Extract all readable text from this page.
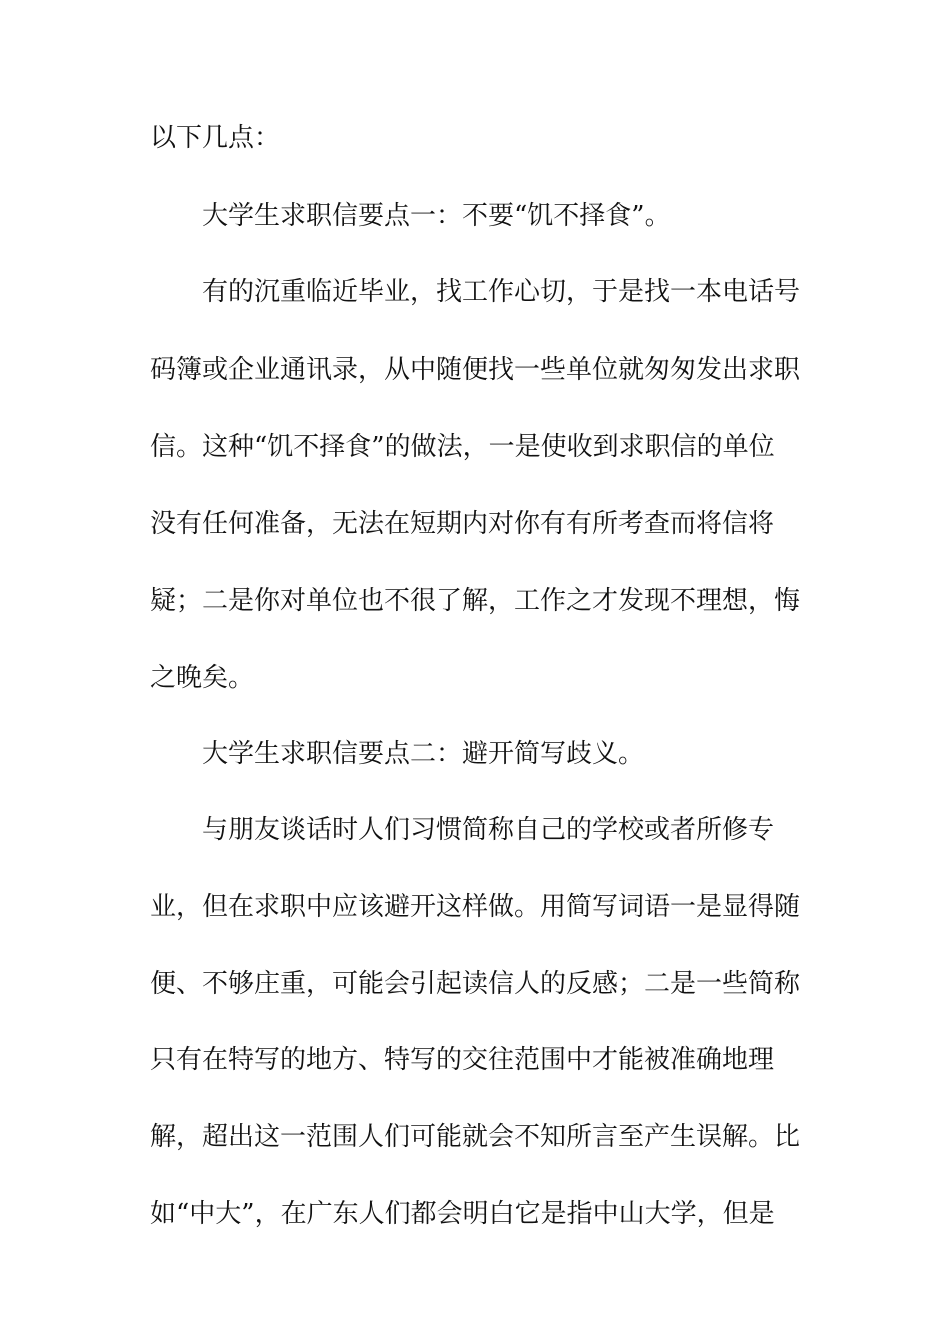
以下几点：
大学生求职信要点一：不要“饥不择食”。
有的沉重临近毕业，找工作心切，于是找一本电话号
码簿或企业通讯录，从中随便找一些单位就匆匆发出求职
信。这种“饥不择食”的做法，一是使收到求职信的单位
没有任何准备，无法在短期内对你有有所考查而将信将
疑；二是你对单位也不很了解，工作之才发现不理想，悔
之晚矣。
大学生求职信要点二：避开简写歧义。
与朋友谈话时人们习惯简称自己的学校或者所修专
业，但在求职中应该避开这样做。用简写词语一是显得随
便、不够庄重，可能会引起读信人的反感；二是一些简称
只有在特写的地方、特写的交往范围中才能被准确地理
解，超出这一范围人们可能就会不知所言至产生误解。比
如“中大”，在广东人们都会明白它是指中山大学，但是
